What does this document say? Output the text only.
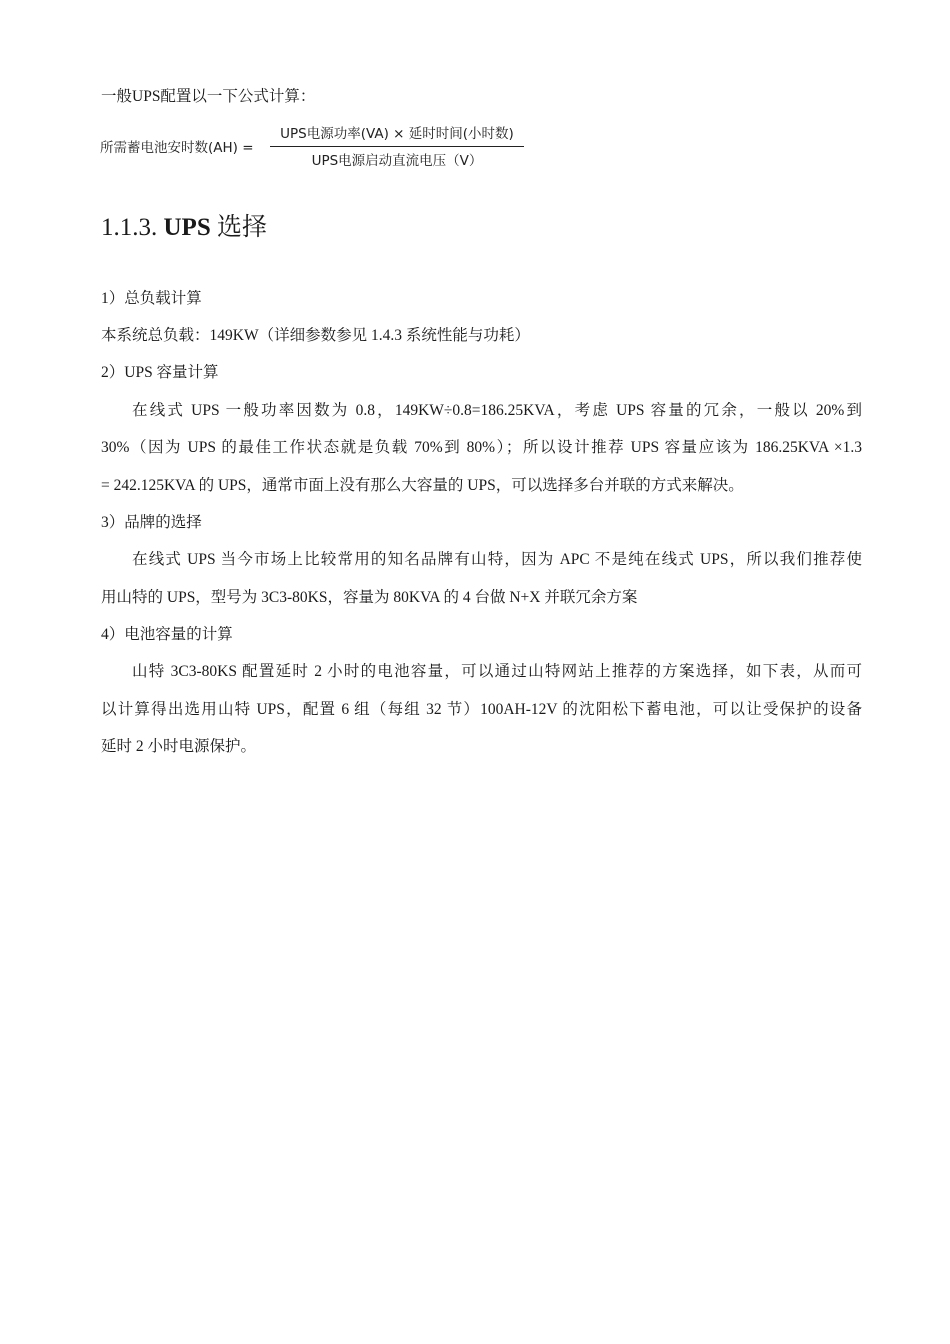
一般UPS配置以一下公式计算：
所需蓄电池安时数(AH) =
UPS电源功率(VA) × 延时时间(小时数)
UPS电源启动直流电压（V）
1.1.3. UPS 选择
1）总负载计算
本系统总负载：149KW（详细参数参见 1.4.3 系统性能与功耗）
2）UPS 容量计算
在线式 UPS 一般功率因数为 0.8，149KW÷0.8=186.25KVA，考虑 UPS 容量的冗余，一般以 20%到
30%（因为 UPS 的最佳工作状态就是负载 70%到 80%）；所以设计推荐 UPS 容量应该为 186.25KVA ×1.3
= 242.125KVA 的 UPS，通常市面上没有那么大容量的 UPS，可以选择多台并联的方式来解决。
3）品牌的选择
在线式 UPS 当今市场上比较常用的知名品牌有山特，因为 APC 不是纯在线式 UPS，所以我们推荐使
用山特的 UPS，型号为 3C3-80KS，容量为 80KVA 的 4 台做 N+X 并联冗余方案
4）电池容量的计算
山特 3C3-80KS 配置延时 2 小时的电池容量，可以通过山特网站上推荐的方案选择，如下表，从而可
以计算得出选用山特 UPS，配置 6 组（每组 32 节）100AH-12V 的沈阳松下蓄电池，可以让受保护的设备
延时 2 小时电源保护。
